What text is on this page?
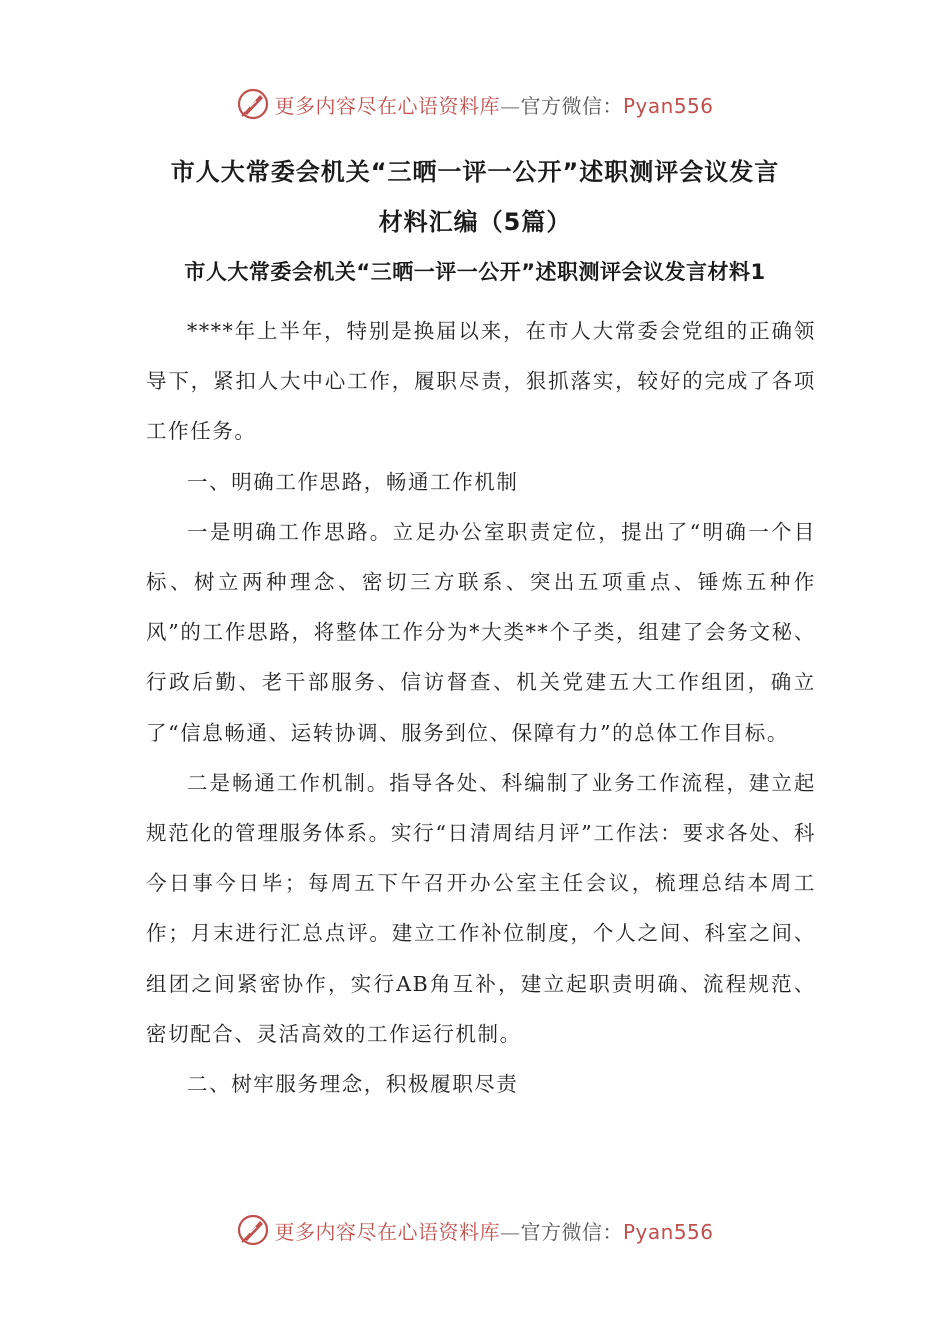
更多内容尽在心语资料库—官方微信：Pyan556
市人大常委会机关“三晒一评一公开”述职测评会议发言
材料汇编（5篇）
市人大常委会机关“三晒一评一公开”述职测评会议发言材料1

****年上半年，特别是换届以来，在市人大常委会党组的正确领导下，紧扣人大中心工作，履职尽责，狠抓落实，较好的完成了各项工作任务。

一、明确工作思路，畅通工作机制

一是明确工作思路。立足办公室职责定位，提出了“明确一个目标、树立两种理念、密切三方联系、突出五项重点、锤炼五种作风”的工作思路，将整体工作分为*大类**个子类，组建了会务文秘、行政后勤、老干部服务、信访督查、机关党建五大工作组团，确立了“信息畅通、运转协调、服务到位、保障有力”的总体工作目标。

二是畅通工作机制。指导各处、科编制了业务工作流程，建立起规范化的管理服务体系。实行“日清周结月评”工作法：要求各处、科今日事今日毕；每周五下午召开办公室主任会议，梳理总结本周工作；月末进行汇总点评。建立工作补位制度，个人之间、科室之间、组团之间紧密协作，实行AB角互补，建立起职责明确、流程规范、密切配合、灵活高效的工作运行机制。

二、树牢服务理念，积极履职尽责

更多内容尽在心语资料库—官方微信：Pyan556
